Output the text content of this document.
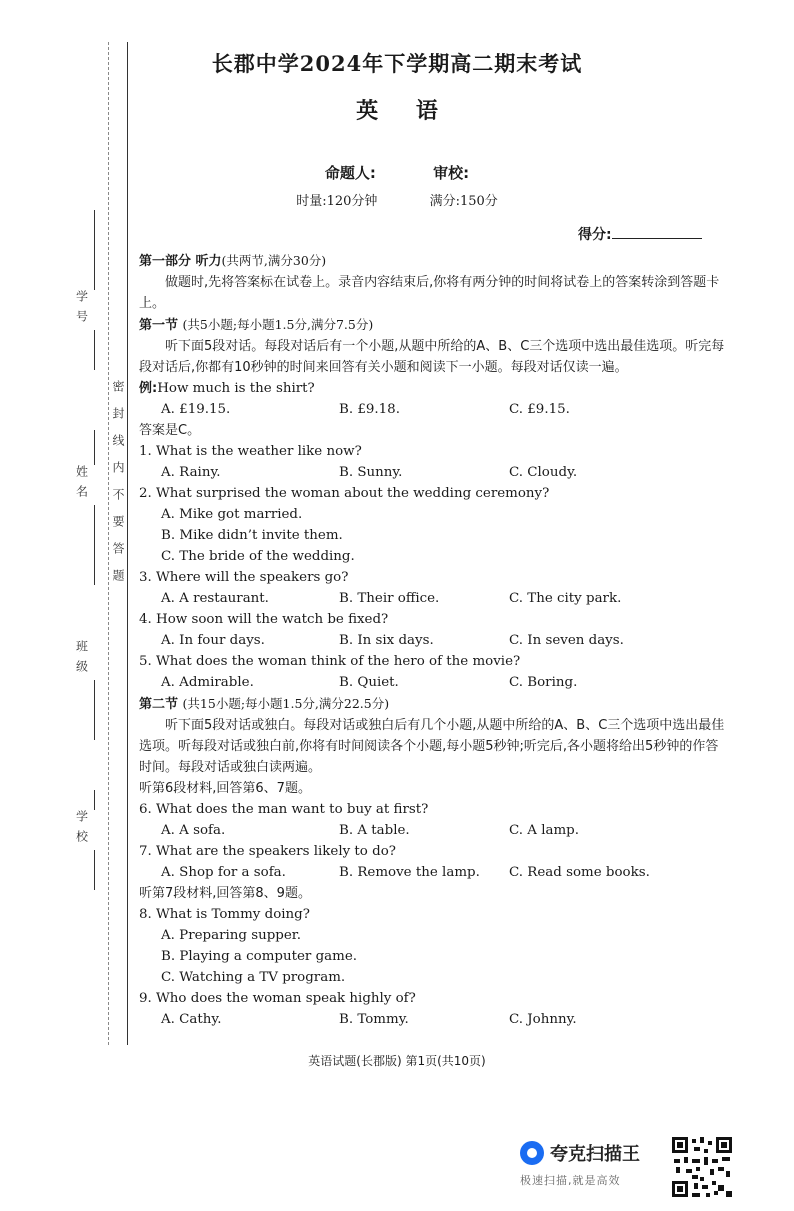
学号
姓名
班级
学校
密封线内不要答题
长郡中学2024年下学期高二期末考试
英 语
命题人:	审校:
时量:120分钟	满分:150分
得分:

第一部分 听力(共两节,满分30分)

做题时,先将答案标在试卷上。录音内容结束后,你将有两分钟的时间将试卷上的答案转涂到答题卡上。

第一节 (共5小题;每小题1.5分,满分7.5分)

听下面5段对话。每段对话后有一个小题,从题中所给的A、B、C三个选项中选出最佳选项。听完每段对话后,你都有10秒钟的时间来回答有关小题和阅读下一小题。每段对话仅读一遍。

例:How much is the shirt?

A. £19.15.	B. £9.18.	C. £9.15.

答案是C。

1. What is the weather like now?

A. Rainy.	B. Sunny.	C. Cloudy.

2. What surprised the woman about the wedding ceremony?

A. Mike got married.

B. Mike didn’t invite them.

C. The bride of the wedding.

3. Where will the speakers go?

A. A restaurant.	B. Their office.	C. The city park.

4. How soon will the watch be fixed?

A. In four days.	B. In six days.	C. In seven days.

5. What does the woman think of the hero of the movie?

A. Admirable.	B. Quiet.	C. Boring.

第二节 (共15小题;每小题1.5分,满分22.5分)

听下面5段对话或独白。每段对话或独白后有几个小题,从题中所给的A、B、C三个选项中选出最佳选项。听每段对话或独白前,你将有时间阅读各个小题,每小题5秒钟;听完后,各小题将给出5秒钟的作答时间。每段对话或独白读两遍。

听第6段材料,回答第6、7题。

6. What does the man want to buy at first?

A. A sofa.	B. A table.	C. A lamp.

7. What are the speakers likely to do?

A. Shop for a sofa.	B. Remove the lamp.	C. Read some books.

听第7段材料,回答第8、9题。

8. What is Tommy doing?

A. Preparing supper.

B. Playing a computer game.

C. Watching a TV program.

9. Who does the woman speak highly of?

A. Cathy.	B. Tommy.	C. Johnny.
英语试题(长郡版) 第1页(共10页)
夸克扫描王
极速扫描,就是高效
